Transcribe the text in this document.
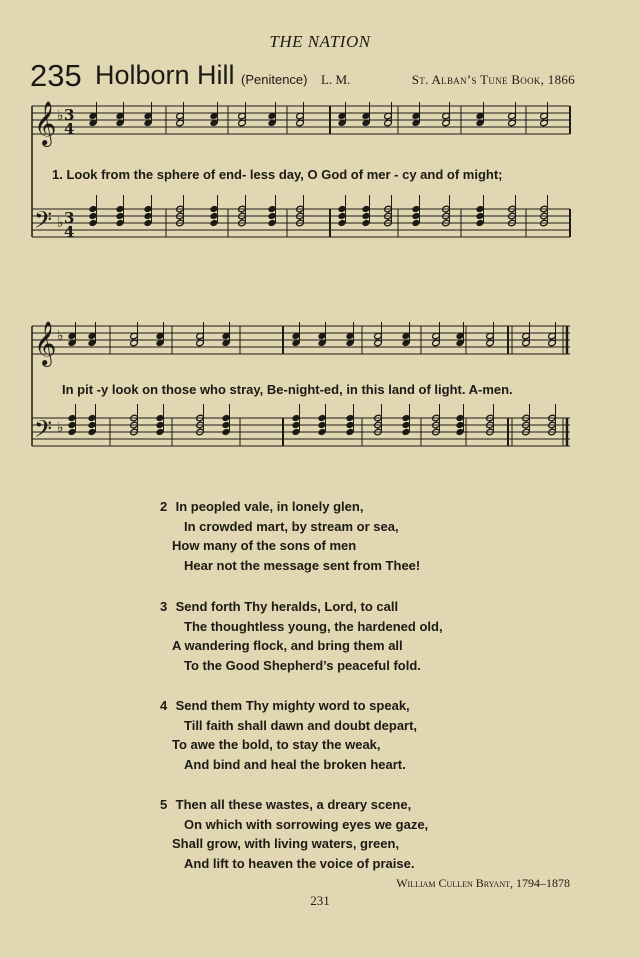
THE NATION
235 Holborn Hill (Penitence) L. M.	St. Alban’s Tune Book, 1866
𝄞
𝄢
𝄞
𝄢
♭
♭
♭
♭
3
4
3
4
1. Look from the sphere of end- less day, O God of mer - cy and of might;
In pit -y look on those who stray, Be-night-ed, in this land of light. A-men.
2 In peopled vale, in lonely glen,
In crowded mart, by stream or sea,
How many of the sons of men
Hear not the message sent from Thee!
3 Send forth Thy heralds, Lord, to call
The thoughtless young, the hardened old,
A wandering flock, and bring them all
To the Good Shepherd’s peaceful fold.
4 Send them Thy mighty word to speak,
Till faith shall dawn and doubt depart,
To awe the bold, to stay the weak,
And bind and heal the broken heart.
5 Then all these wastes, a dreary scene,
On which with sorrowing eyes we gaze,
Shall grow, with living waters, green,
And lift to heaven the voice of praise.
William Cullen Bryant, 1794–1878
231
